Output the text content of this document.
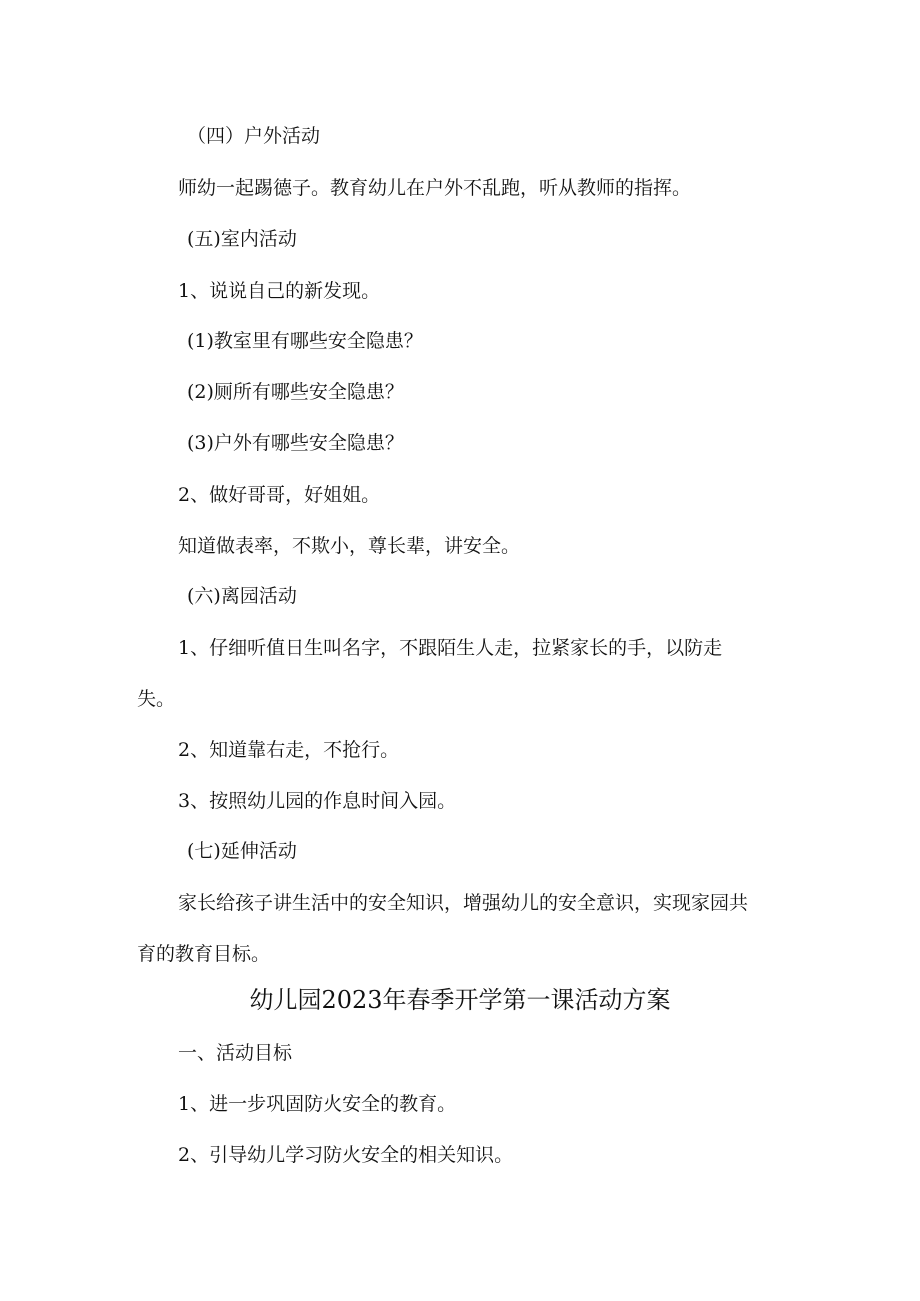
（四）户外活动
师幼一起踢德子。教育幼儿在户外不乱跑，听从教师的指挥。
(五)室内活动
1、说说自己的新发现。
(1)教室里有哪些安全隐患？
(2)厕所有哪些安全隐患？
(3)户外有哪些安全隐患？
2、做好哥哥，好姐姐。
知道做表率，不欺小，尊长辈，讲安全。
(六)离园活动
1、仔细听值日生叫名字，不跟陌生人走，拉紧家长的手，以防走
失。
2、知道靠右走，不抢行。
3、按照幼儿园的作息时间入园。
(七)延伸活动
家长给孩子讲生活中的安全知识，增强幼儿的安全意识，实现家园共
育的教育目标。
幼儿园2023年春季开学第一课活动方案
一、活动目标
1、进一步巩固防火安全的教育。
2、引导幼儿学习防火安全的相关知识。
